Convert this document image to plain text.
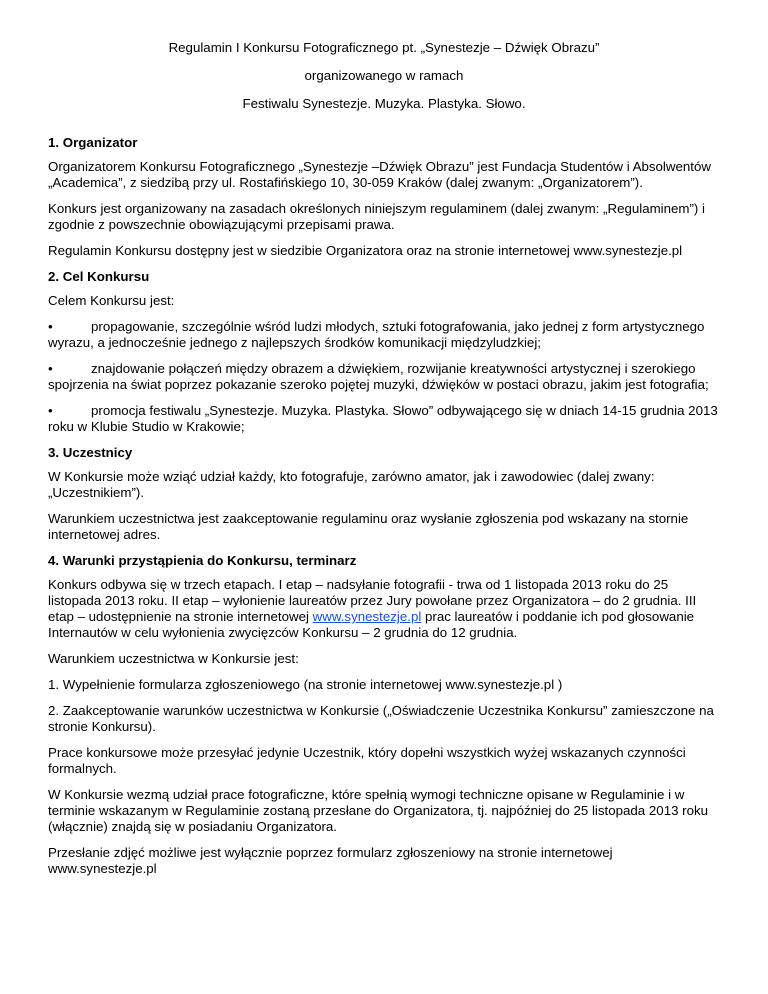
Regulamin I Konkursu Fotograficznego pt. „Synestezje – Dźwięk Obrazu”
organizowanego w ramach
Festiwalu Synestezje. Muzyka. Plastyka. Słowo.
1. Organizator

Organizatorem Konkursu Fotograficznego „Synestezje –Dźwięk Obrazu” jest Fundacja Studentów i Absolwentów „Academica”, z siedzibą przy ul. Rostafińskiego 10, 30-059 Kraków (dalej zwanym: „Organizatorem”).

Konkurs jest organizowany na zasadach określonych niniejszym regulaminem (dalej zwanym: „Regulaminem”) i zgodnie z powszechnie obowiązującymi przepisami prawa.

Regulamin Konkursu dostępny jest w siedzibie Organizatora oraz na stronie internetowej www.synestezje.pl

2. Cel Konkursu

Celem Konkursu jest:

•	propagowanie, szczególnie wśród ludzi młodych, sztuki fotografowania, jako jednej z form artystycznego wyrazu, a jednocześnie jednego z najlepszych środków komunikacji międzyludzkiej;

•	znajdowanie połączeń między obrazem a dźwiękiem, rozwijanie kreatywności artystycznej i szerokiego spojrzenia na świat poprzez pokazanie szeroko pojętej muzyki, dźwięków w postaci obrazu, jakim jest fotografia;

•	promocja festiwalu „Synestezje. Muzyka. Plastyka. Słowo” odbywającego się w dniach 14-15 grudnia 2013 roku w Klubie Studio w Krakowie;

3. Uczestnicy

W Konkursie może wziąć udział każdy, kto fotografuje, zarówno amator, jak i zawodowiec (dalej zwany: „Uczestnikiem”).

Warunkiem uczestnictwa jest zaakceptowanie regulaminu oraz wysłanie zgłoszenia pod wskazany na stornie internetowej adres.

4. Warunki przystąpienia do Konkursu, terminarz

Konkurs odbywa się w trzech etapach. I etap – nadsyłanie fotografii - trwa od 1 listopada 2013 roku do 25 listopada 2013 roku. II etap – wyłonienie laureatów przez Jury powołane przez Organizatora – do 2 grudnia. III etap – udostępnienie na stronie internetowej www.synestezje.pl prac laureatów i poddanie ich pod głosowanie Internautów w celu wyłonienia zwycięzców Konkursu – 2 grudnia do 12 grudnia.

Warunkiem uczestnictwa w Konkursie jest:

1. Wypełnienie formularza zgłoszeniowego (na stronie internetowej www.synestezje.pl )

2. Zaakceptowanie warunków uczestnictwa w Konkursie („Oświadczenie Uczestnika Konkursu” zamieszczone na stronie Konkursu).

Prace konkursowe może przesyłać jedynie Uczestnik, który dopełni wszystkich wyżej wskazanych czynności formalnych.

W Konkursie wezmą udział prace fotograficzne, które spełnią wymogi techniczne opisane w Regulaminie i w terminie wskazanym w Regulaminie zostaną przesłane do Organizatora, tj. najpóźniej do 25 listopada 2013 roku (włącznie) znajdą się w posiadaniu Organizatora.

Przesłanie zdjęć możliwe jest wyłącznie poprzez formularz zgłoszeniowy na stronie internetowej www.synestezje.pl
